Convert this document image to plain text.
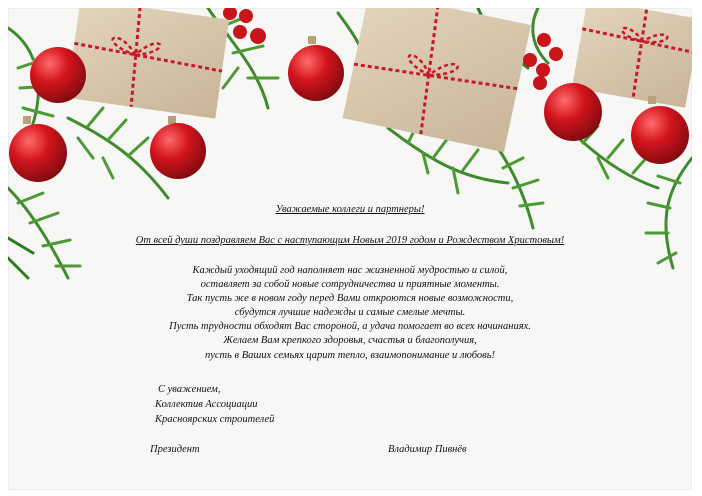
Уважаемые коллеги и партнеры!
От всей души поздравляем Вас с наступающим Новым 2019 годом и Рождеством Христовым!
Каждый уходящий год наполняет нас жизненной мудростью и силой,
оставляет за собой новые сотрудничества и приятные моменты.
Так пусть же в новом году перед Вами откроются новые возможности,
сбудутся лучшие надежды и самые смелые мечты.
Пусть трудности обходят Вас стороной, а удача помогает во всех начинаниях.
Желаем Вам крепкого здоровья, счастья и благополучия,
пусть в Ваших семьях царит тепло, взаимопонимание и любовь!
С уважением,
Коллектив Ассоциации
Красноярских строителей
Президент	Владимир Пивнёв
